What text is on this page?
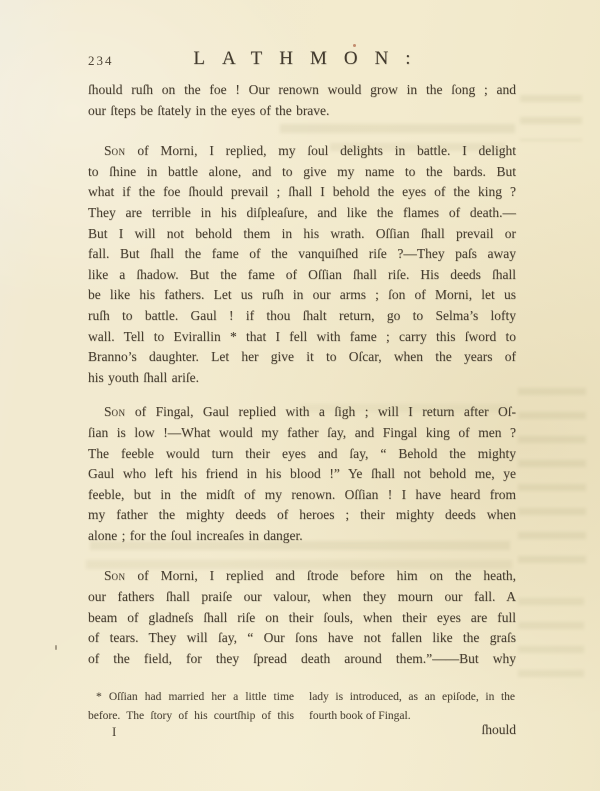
234	LATHMON:
ſhould ruſh on the foe ! Our renown would grow in the ſong ; and
our ſteps be ſtately in the eyes of the brave.
Son of Morni, I replied, my ſoul delights in battle. I delight
to ſhine in battle alone, and to give my name to the bards. But
what if the foe ſhould prevail ; ſhall I behold the eyes of the king ?
They are terrible in his diſpleaſure, and like the flames of death.—
But I will not behold them in his wrath. Oſſian ſhall prevail or
fall. But ſhall the fame of the vanquiſhed riſe ?—They paſs away
like a ſhadow. But the fame of Oſſian ſhall riſe. His deeds ſhall
be like his fathers. Let us ruſh in our arms ; ſon of Morni, let us
ruſh to battle. Gaul ! if thou ſhalt return, go to Selma’s lofty
wall. Tell to Evirallin * that I fell with fame ; carry this ſword to
Branno’s daughter. Let her give it to Oſcar, when the years of
his youth ſhall ariſe.
Son of Fingal, Gaul replied with a ſigh ; will I return after Oſ-
ſian is low !—What would my father ſay, and Fingal king of men ?
The feeble would turn their eyes and ſay, “ Behold the mighty
Gaul who left his friend in his blood !” Ye ſhall not behold me, ye
feeble, but in the midſt of my renown. Oſſian ! I have heard from
my father the mighty deeds of heroes ; their mighty deeds when
alone ; for the ſoul increaſes in danger.
Son of Morni, I replied and ſtrode before him on the heath,
our fathers ſhall praiſe our valour, when they mourn our fall. A
beam of gladneſs ſhall riſe on their ſouls, when their eyes are full
of tears. They will ſay, “ Our ſons have not fallen like the graſs
of the field, for they ſpread death around them.”——But why
* Oſſian had married her a little time
before. The ſtory of his courtſhip of this
lady is introduced, as an epiſode, in the
fourth book of Fingal.
I	ſhould
